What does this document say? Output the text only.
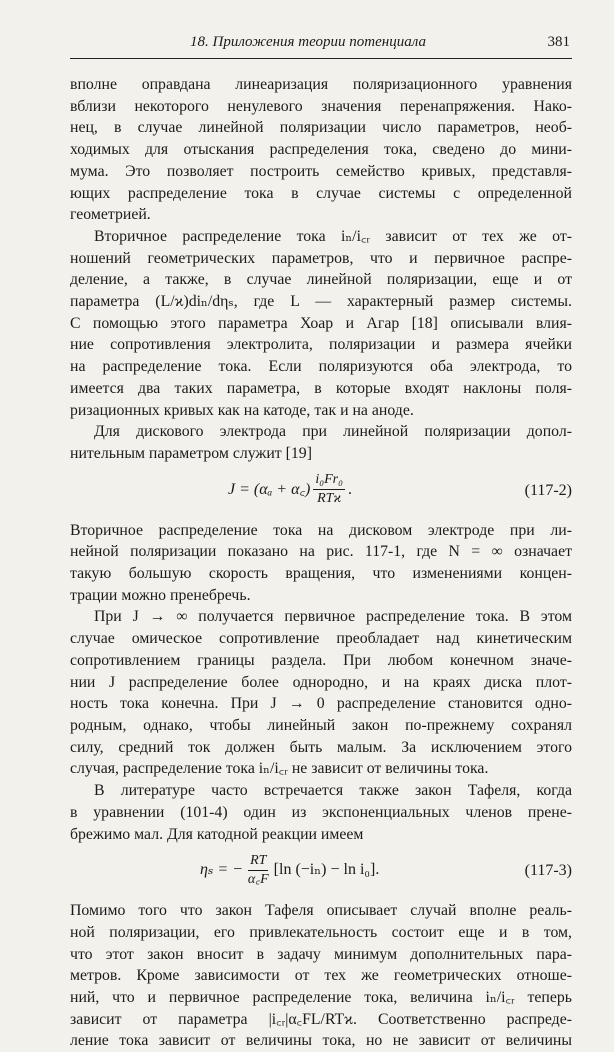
18. Приложения теории потенциала	381

вполне оправдана линеаризация поляризационного уравнения

вблизи некоторого ненулевого значения перенапряжения. Нако-

нец, в случае линейной поляризации число параметров, необ-

ходимых для отыскания распределения тока, сведено до мини-

мума. Это позволяет построить семейство кривых, представля-

ющих распределение тока в случае системы с определенной

геометрией.

Вторичное распределение тока iₙ/i꜀ᵣ зависит от тех же от-

ношений геометрических параметров, что и первичное распре-

деление, а также, в случае линейной поляризации, еще и от

параметра (L/ϰ)diₙ/dηₛ, где L — характерный размер системы.

С помощью этого параметра Хоар и Агар [18] описывали влия-

ние сопротивления электролита, поляризации и размера ячейки

на распределение тока. Если поляризуются оба электрода, то

имеется два таких параметра, в которые входят наклоны поля-

ризационных кривых как на катоде, так и на аноде.

Для дискового электрода при линейной поляризации допол-

нительным параметром служит [19]

J = (αₐ + α꜀) $\frac{\text{i₀Fr₀}}{\text{RTϰ}}$ .	(117-2)

Вторичное распределение тока на дисковом электроде при ли-

нейной поляризации показано на рис. 117-1, где N = ∞ означает

такую большую скорость вращения, что изменениями концен-

трации можно пренебречь.

При J → ∞ получается первичное распределение тока. В этом

случае омическое сопротивление преобладает над кинетическим

сопротивлением границы раздела. При любом конечном значе-

нии J распределение более однородно, и на краях диска плот-

ность тока конечна. При J → 0 распределение становится одно-

родным, однако, чтобы линейный закон по-прежнему сохранял

силу, средний ток должен быть малым. За исключением этого

случая, распределение тока iₙ/i꜀ᵣ не зависит от величины тока.

В литературе часто встречается также закон Тафеля, когда

в уравнении (101-4) один из экспоненциальных членов прене-

брежимо мал. Для катодной реакции имеем

ηₛ = − $\frac{RT}{\alpha꜀F} [\ln$ (−iₙ) − ln i₀].	(117-3)

Помимо того что закон Тафеля описывает случай вполне реаль-

ной поляризации, его привлекательность состоит еще и в том,

что этот закон вносит в задачу минимум дополнительных пара-

метров. Кроме зависимости от тех же геометрических отноше-

ний, что и первичное распределение тока, величина iₙ/i꜀ᵣ теперь

зависит от параметра |i꜀ᵣ|α꜀FL/RTϰ. Соответственно распреде-

ление тока зависит от величины тока, но не зависит от величины
